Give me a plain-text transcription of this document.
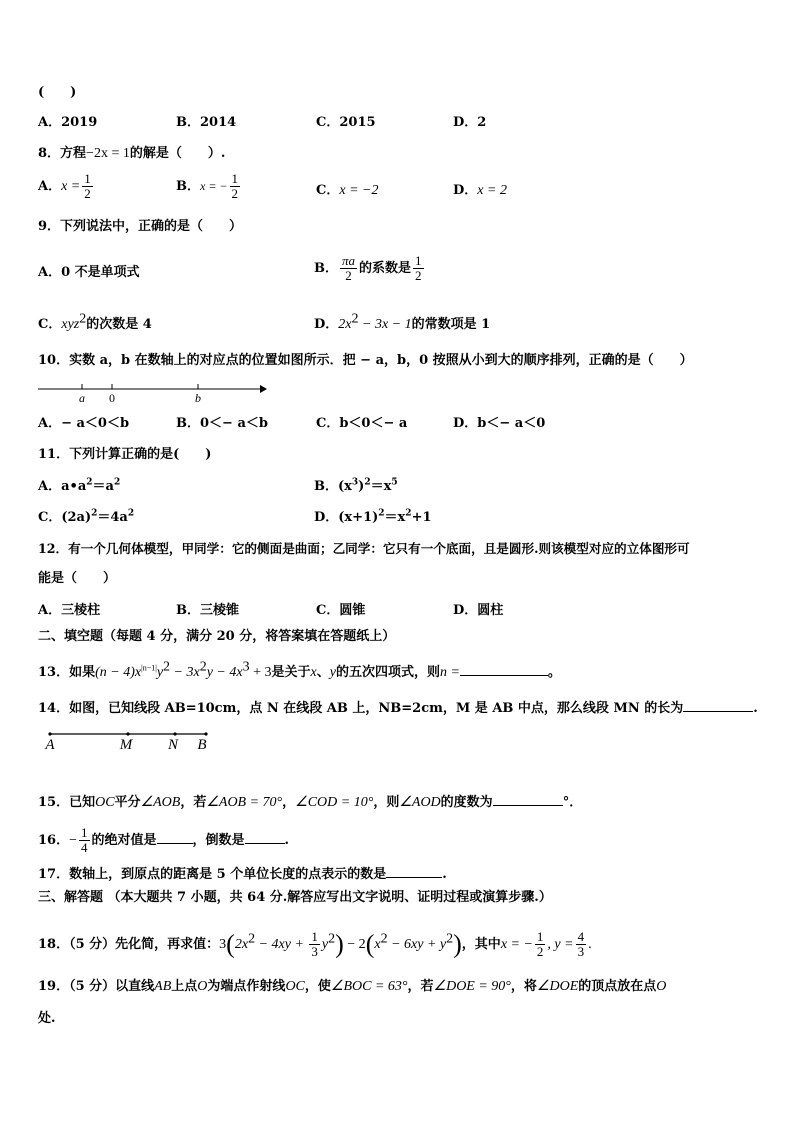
(　　)
A．2019	B．2014	C．2015	D．2
8．方程−2x = 1的解是（　　）.
A．$x = \frac{1}{2}$	B．x = − $\frac{1}{2}$	C．x = −2	D．x = 2
9．下列说法中，正确的是（　　）
A．0 不是单项式	B． $\frac{\pi a}{2}$ 的系数是 $\frac{1}{2}$
C．xyz$^2$的次数是 4	D．$2x^2 - 3x - 1$的常数项是 1
10．实数 a，b 在数轴上的对应点的位置如图所示．把 − a，b，0 按照从小到大的顺序排列，正确的是（　　）
a 0	b
A．− a＜0＜b	B．0＜− a＜b	C．b＜0＜− a	D．b＜− a＜0
11．下列计算正确的是(　　)
A．$a•a^2=a^2$	B．$(x^3)^2=x^5$
C．$(2a)^2=4a^2$	D．$(x+1)^2=x^2+1$
12．有一个几何体模型，甲同学：它的侧面是曲面；乙同学：它只有一个底面，且是圆形.则该模型对应的立体图形可
能是（　　）
A．三棱柱	B．三棱锥	C．圆锥	D．圆柱
二、填空题（每题 4 分，满分 20 分，将答案填在答题纸上）
13．如果$(n - 4)x^{|n-1|}y^2 - 3x^2y - 4x^3 + 3$是关于x、y的五次四项式，则n =	。
14．如图，已知线段 AB=10cm，点 N 在线段 AB 上，NB=2cm，M 是 AB 中点，那么线段 MN 的长为	.
A	M N B
15．已知OC平分∠AOB，若∠AOB = 70°，∠COD = 10°，则∠AOD的度数为	°．
16．− $\frac{1}{4}$ 的绝对值是	，倒数是	.
17．数轴上，到原点的距离是 5 个单位长度的点表示的数是	.
三、解答题 （本大题共 7 小题，共 64 分.解答应写出文字说明、证明过程或演算步骤.）
18．（5 分）先化简，再求值：$3(2x^2 - 4xy + \frac{1}{3} y^2) - 2(x^2 - 6xy + y^2)$，其中x = − $\frac{1}{2}$ , $y = \frac{4}{3}$ .
19．（5 分）以直线AB上点O为端点作射线OC，使∠BOC = 63°，若∠DOE = 90°，将∠DOE的顶点放在点O
处.
